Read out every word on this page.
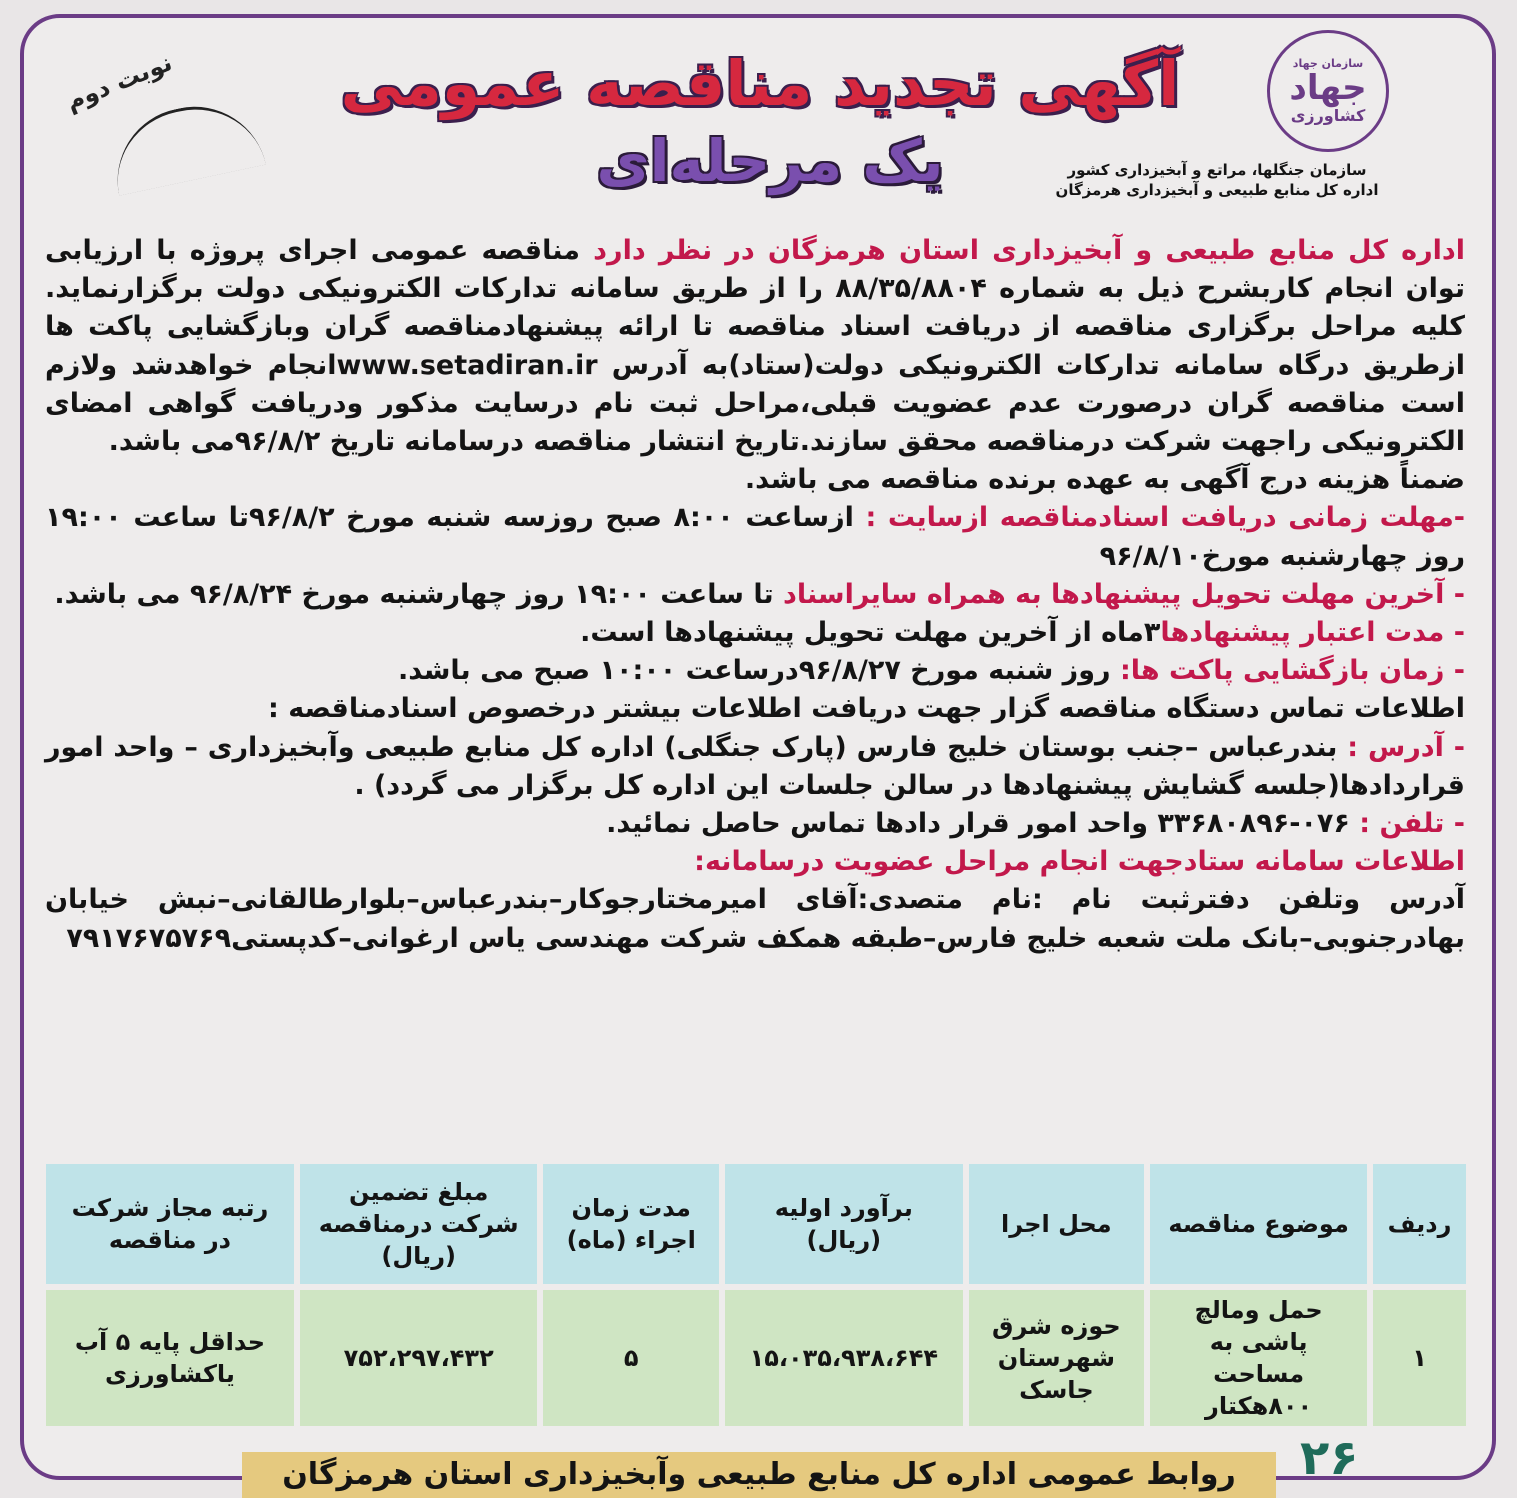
سازمان جهاد
جهاد
کشاورزی
سازمان جنگلها، مراتع و آبخیزداری کشور
اداره کل منابع طبیعی و آبخیزداری هرمزگان
آگهی تجدید مناقصه عمومی
یک مرحله‌ای
نوبت دوم

اداره کل منابع طبیعی و آبخیزداری استان هرمزگان در نظر دارد مناقصه عمومی اجرای پروژه با ارزیابی توان انجام کاربشرح ذیل به شماره ۸۸/۳۵/۸۸۰۴ را از طریق سامانه تدارکات الکترونیکی دولت برگزارنماید. کلیه مراحل برگزاری مناقصه از دریافت اسناد مناقصه تا ارائه پیشنهادمناقصه گران وبازگشایی پاکت ها ازطریق درگاه سامانه تدارکات الکترونیکی دولت(ستاد)به آدرس www.setadiran.irانجام خواهدشد ولازم است مناقصه گران درصورت عدم عضویت قبلی،مراحل ثبت نام درسایت مذکور ودریافت گواهی امضای الکترونیکی راجهت شرکت درمناقصه محقق سازند.تاریخ انتشار مناقصه درسامانه تاریخ ۹۶/۸/۲می باشد.

ضمناً هزینه درج آگهی به عهده برنده مناقصه می باشد.

-مهلت زمانی دریافت اسنادمناقصه ازسایت : ازساعت ۸:۰۰ صبح روزسه شنبه مورخ ۹۶/۸/۲تا ساعت ۱۹:۰۰ روز چهارشنبه مورخ۹۶/۸/۱۰

- آخرین مهلت تحویل پیشنهادها به همراه سایراسناد تا ساعت ۱۹:۰۰ روز چهارشنبه مورخ ۹۶/۸/۲۴ می باشد.

- مدت اعتبار پیشنهادها۳ماه از آخرین مهلت تحویل پیشنهادها است.

- زمان بازگشایی پاکت ها: روز شنبه مورخ ۹۶/۸/۲۷درساعت ۱۰:۰۰ صبح می باشد.

اطلاعات تماس دستگاه مناقصه گزار جهت دریافت اطلاعات بیشتر درخصوص اسنادمناقصه :

- آدرس : بندرعباس –جنب بوستان خلیج فارس (پارک جنگلی) اداره کل منابع طبیعی وآبخیزداری – واحد امور قراردادها(جلسه گشایش پیشنهادها در سالن جلسات این اداره کل برگزار می گردد) .

- تلفن : ۰۷۶-۳۳۶۸۰۸۹۶ واحد امور قرار دادها تماس حاصل نمائید.

اطلاعات سامانه ستادجهت انجام مراحل عضویت درسامانه:

آدرس وتلفن دفترثبت نام :نام متصدی:آقای امیرمختارجوکار–بندرعباس–بلوارطالقانی–نبش خیابان بهادرجنوبی–بانک ملت شعبه خلیج فارس–طبقه همکف شرکت مهندسی یاس ارغوانی–کدپستی۷۹۱۷۶۷۵۷۶۹

ردیف	موضوع مناقصه	محل اجرا	برآورد اولیه (ریال)	مدت زمان اجراء (ماه)	مبلغ تضمین شرکت درمناقصه (ریال)	رتبه مجاز شرکت در مناقصه
۱	حمل ومالچ پاشی به مساحت ۸۰۰هکتار	حوزه شرق شهرستان جاسک	۱۵،۰۳۵،۹۳۸،۶۴۴	۵	۷۵۲،۲۹۷،۴۳۲	حداقل پایه ۵ آب یاکشاورزی
روابط عمومی اداره کل منابع طبیعی وآبخیزداری استان هرمزگان	۲۶
